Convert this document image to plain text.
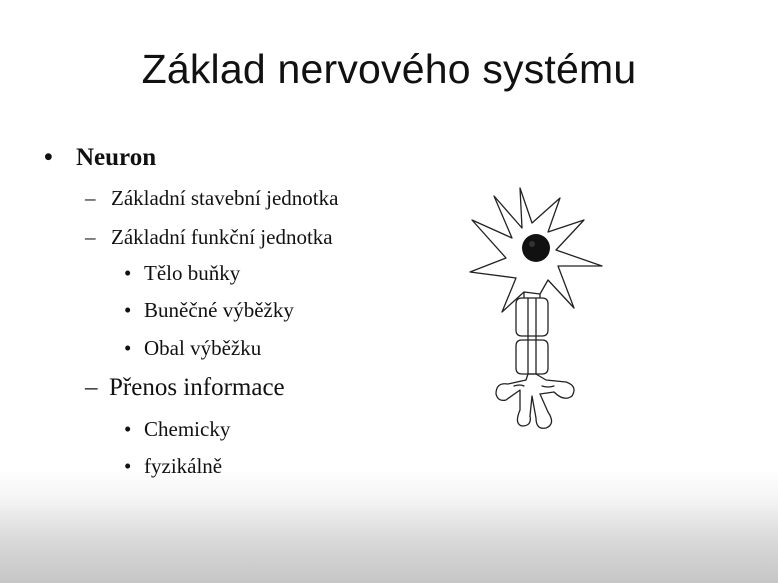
Základ nervového systému
• Neuron
– Základní stavební jednotka
– Základní funkční jednotka
• Tělo buňky
• Buněčné výběžky
• Obal výběžku
– Přenos informace
• Chemicky
• fyzikálně
